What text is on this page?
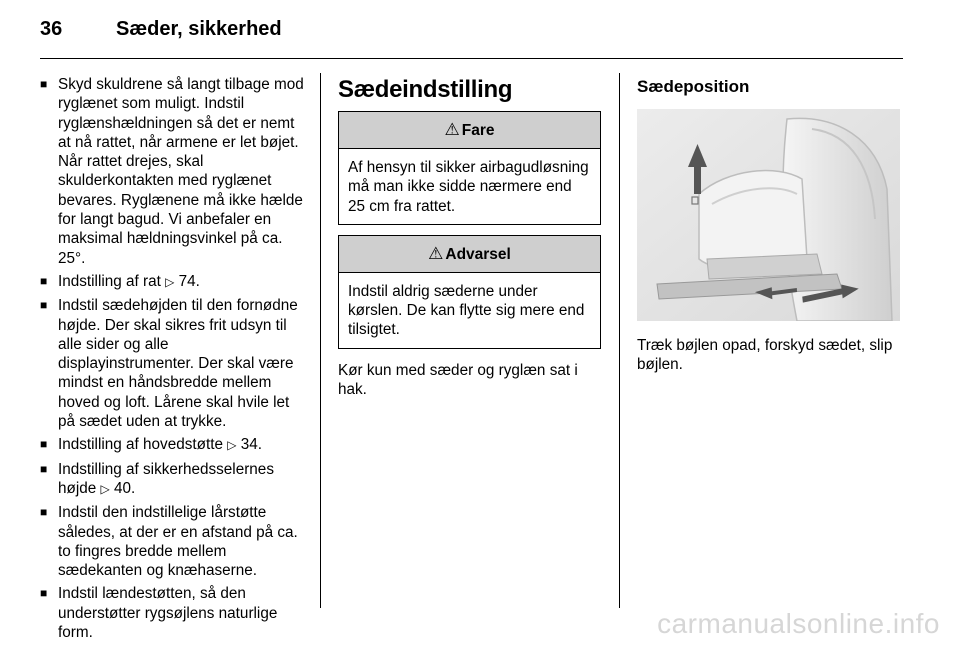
36	Sæder, sikkerhed
■ Skyd skuldrene så langt tilbage mod ryglænet som muligt. Indstil ryglænshældningen så det er nemt at nå rattet, når armene er let bøjet. Når rattet drejes, skal skulderkontakten med ryglænet bevares. Ryglænene må ikke hælde for langt bagud. Vi anbefaler en maksimal hældningsvinkel på ca. 25°.
■ Indstilling af rat ▷ 74.
■ Indstil sædehøjden til den fornødne højde. Der skal sikres frit udsyn til alle sider og alle displayinstrumenter. Der skal være mindst en håndsbredde mellem hoved og loft. Lårene skal hvile let på sædet uden at trykke.
■ Indstilling af hovedstøtte ▷ 34.
■ Indstilling af sikkerhedsselernes højde ▷ 40.
■ Indstil den indstillelige lårstøtte således, at der er en afstand på ca. to fingres bredde mellem sædekanten og knæhaserne.
■ Indstil lændestøtten, så den understøtter rygsøjlens naturlige form.
Sædeindstilling
⚠ Fare
Af hensyn til sikker airbagudløsning må man ikke sidde nærmere end 25 cm fra rattet.
⚠ Advarsel
Indstil aldrig sæderne under kørslen. De kan flytte sig mere end tilsigtet.
Kør kun med sæder og ryglæn sat i hak.
Sædeposition
Træk bøjlen opad, forskyd sædet, slip bøjlen.
carmanualsonline.info
